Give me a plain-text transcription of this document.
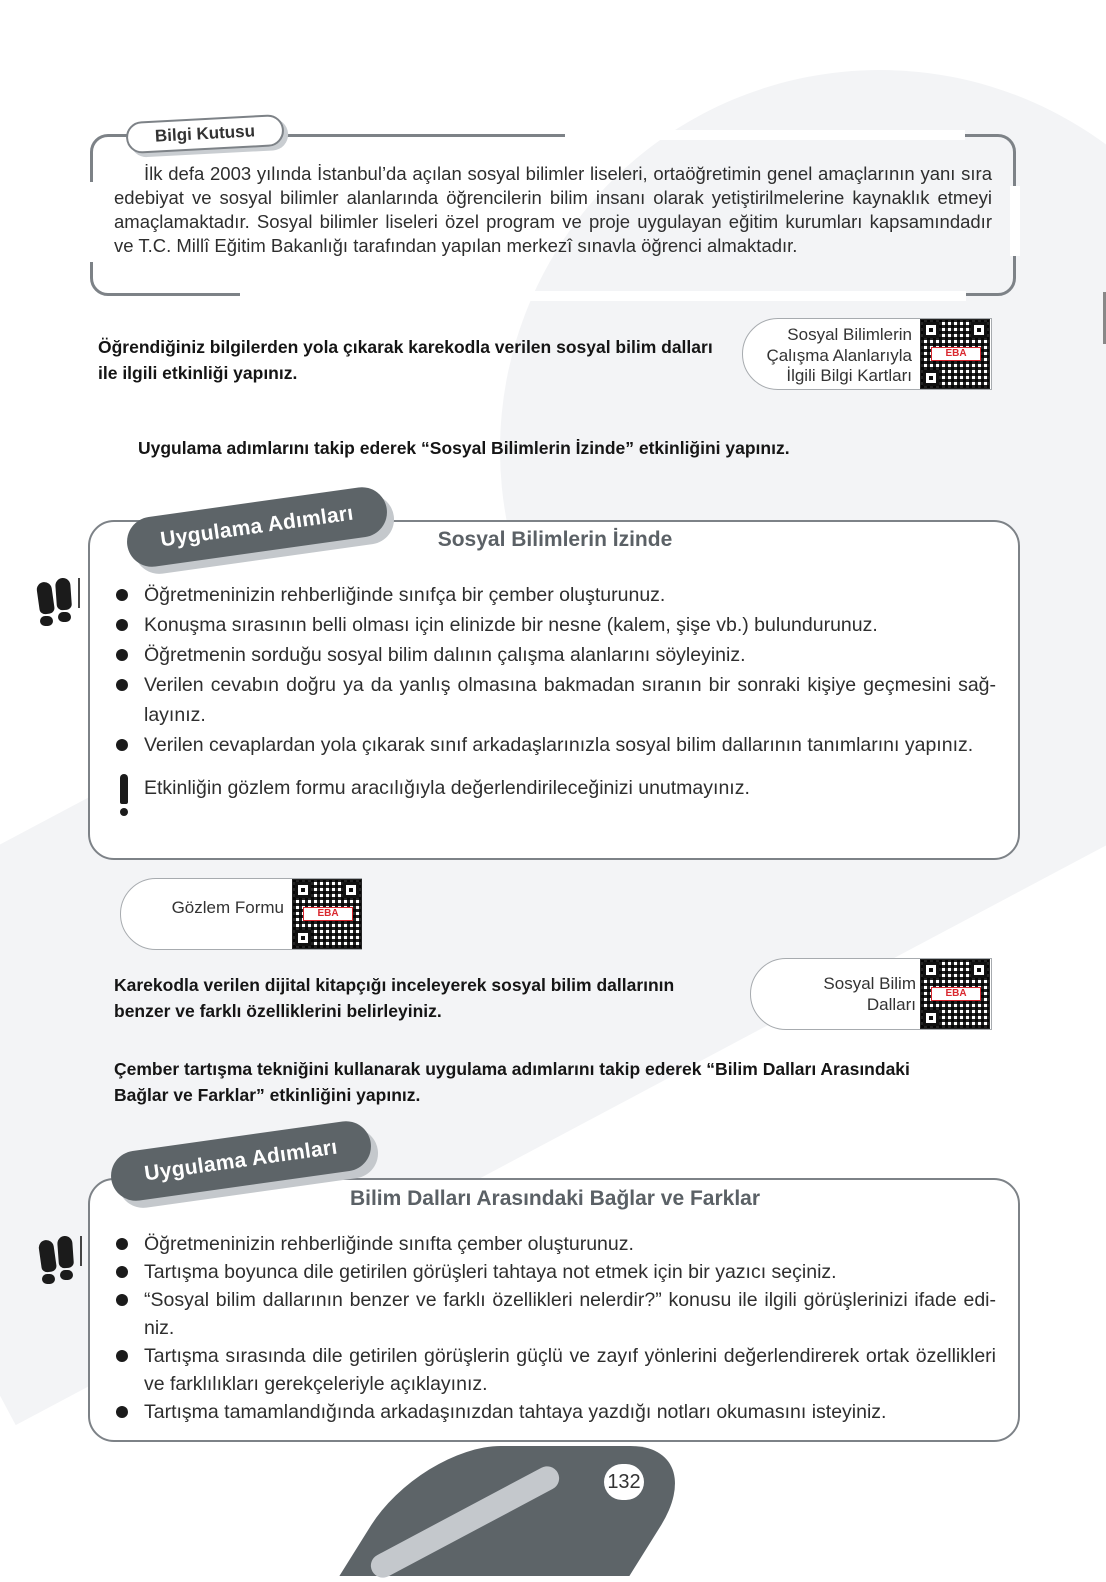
Bilgi Kutusu
İlk defa 2003 yılında İstanbul’da açılan sosyal bilimler liseleri, ortaöğretimin genel amaçlarının yanı sıra edebiyat ve sosyal bilimler alanlarında öğrencilerin bilim insanı olarak yetiştirilmelerine kaynaklık etmeyi amaçlamaktadır. Sosyal bilimler liseleri özel program ve proje uygulayan eğitim kurumları kapsamındadır ve T.C. Millî Eğitim Bakanlığı tarafından yapılan merkezî sınavla öğrenci almaktadır.
Öğrendiğiniz bilgilerden yola çıkarak karekodla verilen sosyal bilim dalları
ile ilgili etkinliği yapınız.
Sosyal Bilimlerin
Çalışma Alanlarıyla
İlgili Bilgi Kartları
EBA
Uygulama adımlarını takip ederek “Sosyal Bilimlerin İzinde” etkinliğini yapınız.
Uygulama Adımları	Sosyal Bilimlerin İzinde
Öğretmeninizin rehberliğinde sınıfça bir çember oluşturunuz.
Konuşma sırasının belli olması için elinizde bir nesne (kalem, şişe vb.) bulundurunuz.
Öğretmenin sorduğu sosyal bilim dalının çalışma alanlarını söyleyiniz.
Verilen cevabın doğru ya da yanlış olmasına bakmadan sıranın bir sonraki kişiye geçmesini sağ-layınız.
Verilen cevaplardan yola çıkarak sınıf arkadaşlarınızla sosyal bilim dallarının tanımlarını yapınız.
Etkinliğin gözlem formu aracılığıyla değerlendirileceğinizi unutmayınız.
Gözlem Formu	EBA
Karekodla verilen dijital kitapçığı inceleyerek sosyal bilim dallarının
benzer ve farklı özelliklerini belirleyiniz.
Sosyal Bilim
Dalları
EBA
Çember tartışma tekniğini kullanarak uygulama adımlarını takip ederek “Bilim Dalları Arasındaki
Bağlar ve Farklar” etkinliğini yapınız.
Uygulama Adımları
Bilim Dalları Arasındaki Bağlar ve Farklar
Öğretmeninizin rehberliğinde sınıfta çember oluşturunuz.
Tartışma boyunca dile getirilen görüşleri tahtaya not etmek için bir yazıcı seçiniz.
“Sosyal bilim dallarının benzer ve farklı özellikleri nelerdir?” konusu ile ilgili görüşlerinizi ifade edi-niz.
Tartışma sırasında dile getirilen görüşlerin güçlü ve zayıf yönlerini değerlendirerek ortak özellikleri ve farklılıkları gerekçeleriyle açıklayınız.
Tartışma tamamlandığında arkadaşınızdan tahtaya yazdığı notları okumasını isteyiniz.
132
